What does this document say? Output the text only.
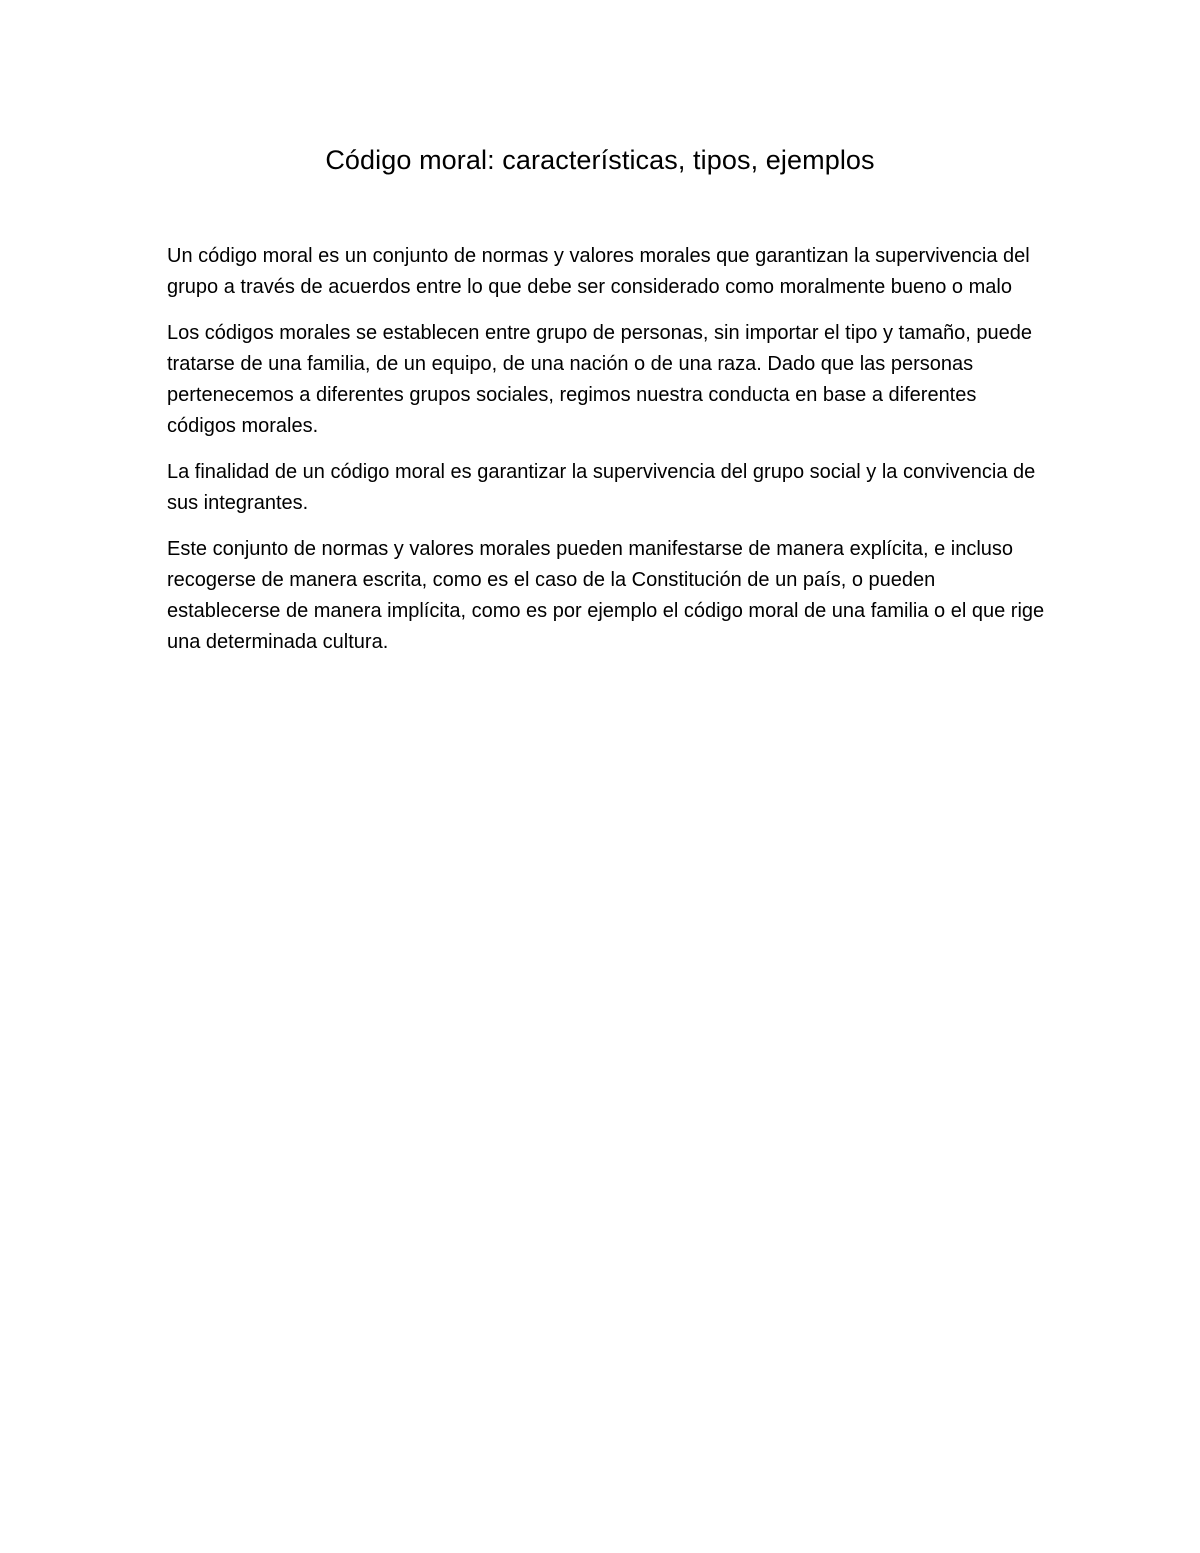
Código moral: características, tipos, ejemplos

Un código moral es un conjunto de normas y valores morales que garantizan la supervivencia del grupo a través de acuerdos entre lo que debe ser considerado como moralmente bueno o malo

Los códigos morales se establecen entre grupo de personas, sin importar el tipo y tamaño, puede tratarse de una familia, de un equipo, de una nación o de una raza. Dado que las personas pertenecemos a diferentes grupos sociales, regimos nuestra conducta en base a diferentes códigos morales.

La finalidad de un código moral es garantizar la supervivencia del grupo social y la convivencia de sus integrantes.

Este conjunto de normas y valores morales pueden manifestarse de manera explícita, e incluso recogerse de manera escrita, como es el caso de la Constitución de un país, o pueden establecerse de manera implícita, como es por ejemplo el código moral de una familia o el que rige una determinada cultura.
